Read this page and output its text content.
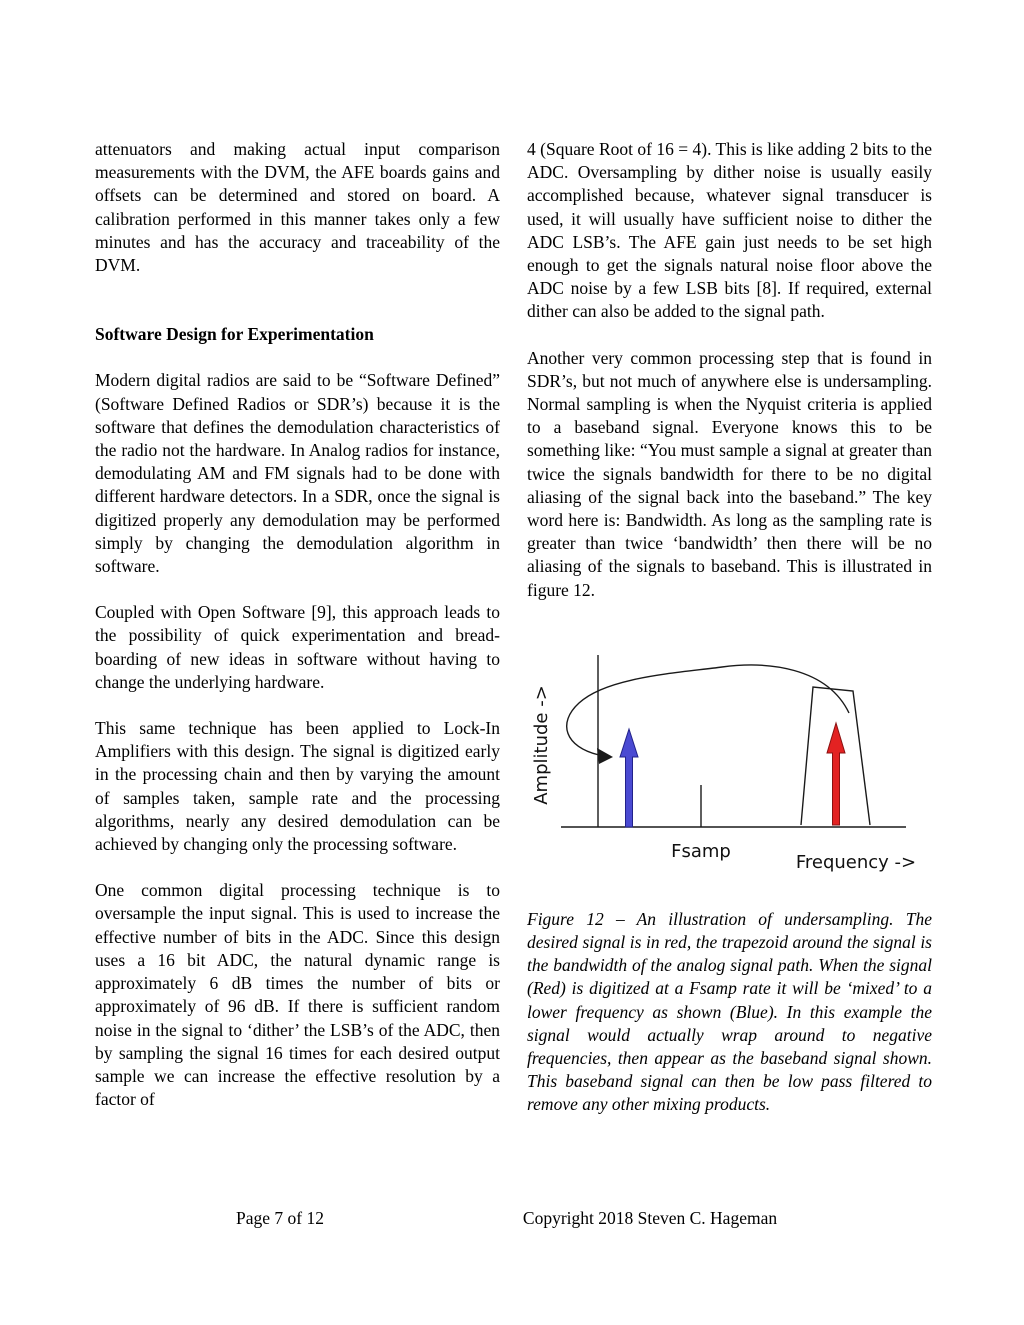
attenuators and making actual input comparison measurements with the DVM, the AFE boards gains and offsets can be determined and stored on board. A calibration performed in this manner takes only a few minutes and has the accuracy and traceability of the DVM.

Software Design for Experimentation

Modern digital radios are said to be “Software Defined” (Software Defined Radios or SDR’s) because it is the software that defines the demodulation characteristics of the radio not the hardware. In Analog radios for instance, demodulating AM and FM signals had to be done with different hardware detectors. In a SDR, once the signal is digitized properly any demodulation may be performed simply by changing the demodulation algorithm in software.

Coupled with Open Software [9], this approach leads to the possibility of quick experimentation and bread-boarding of new ideas in software without having to change the underlying hardware.

This same technique has been applied to Lock-In Amplifiers with this design. The signal is digitized early in the processing chain and then by varying the amount of samples taken, sample rate and the processing algorithms, nearly any desired demodulation can be achieved by changing only the processing software.

One common digital processing technique is to oversample the input signal. This is used to increase the effective number of bits in the ADC. Since this design uses a 16 bit ADC, the natural dynamic range is approximately 6 dB times the number of bits or approximately of 96 dB. If there is sufficient random noise in the signal to ‘dither’ the LSB’s of the ADC, then by sampling the signal 16 times for each desired output sample we can increase the effective resolution by a factor of

4 (Square Root of 16 = 4). This is like adding 2 bits to the ADC. Oversampling by dither noise is usually easily accomplished because, whatever signal transducer is used, it will usually have sufficient noise to dither the ADC LSB’s. The AFE gain just needs to be set high enough to get the signals natural noise floor above the ADC noise by a few LSB bits [8]. If required, external dither can also be added to the signal path.

Another very common processing step that is found in SDR’s, but not much of anywhere else is undersampling. Normal sampling is when the Nyquist criteria is applied to a baseband signal. Everyone knows this to be something like: “You must sample a signal at greater than twice the signals bandwidth for there to be no digital aliasing of the signal back into the baseband.” The key word here is: Bandwidth. As long as the sampling rate is greater than twice ‘bandwidth’ then there will be no aliasing of the signals to baseband. This is illustrated in figure 12.

Amplitude ->
Fsamp
Frequency ->

Figure 12 – An illustration of undersampling. The desired signal is in red, the trapezoid around the signal is the bandwidth of the analog signal path. When the signal (Red) is digitized at a Fsamp rate it will be ‘mixed’ to a lower frequency as shown (Blue). In this example the signal would actually wrap around to negative frequencies, then appear as the baseband signal shown. This baseband signal can then be low pass filtered to remove any other mixing products.

Page 7 of 12	Copyright 2018 Steven C. Hageman
